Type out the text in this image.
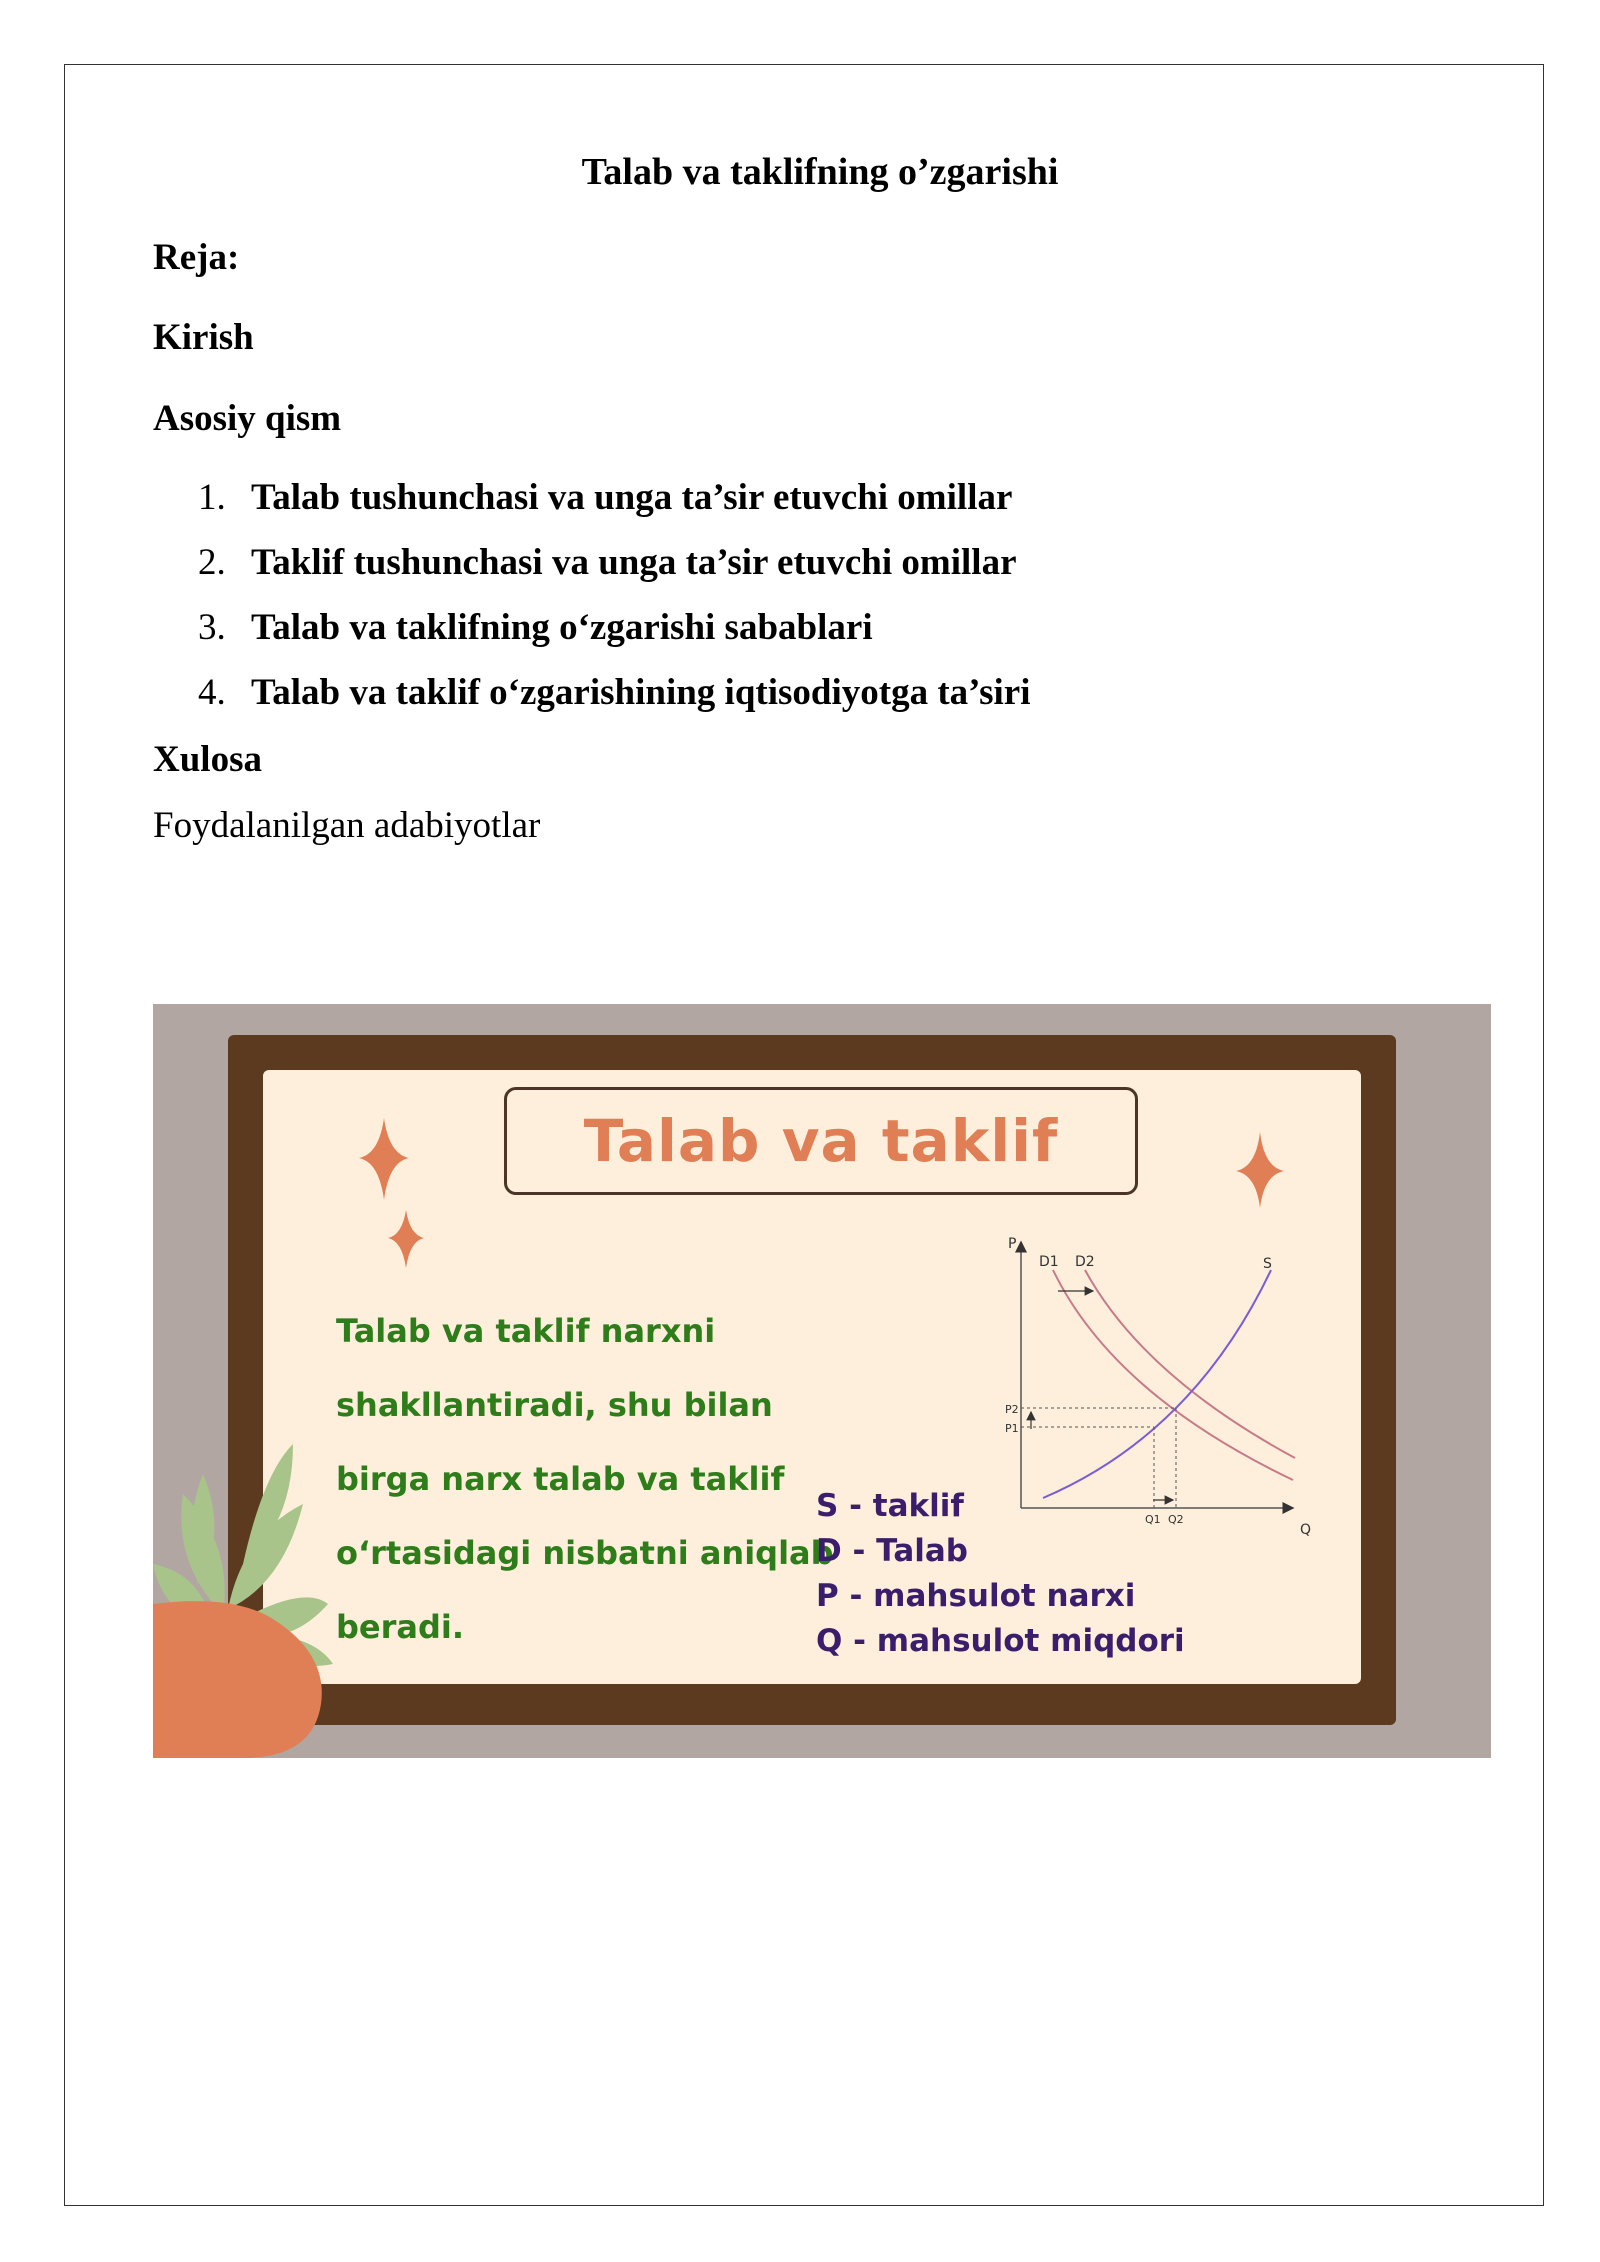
Talab va taklifning o’zgarishi
Reja:
Kirish
Asosiy qism
1. Talab tushunchasi va unga ta’sir etuvchi omillar
2. Taklif tushunchasi va unga ta’sir etuvchi omillar
3. Talab va taklifning o‘zgarishi sabablari
4. Talab va taklif o‘zgarishining iqtisodiyotga ta’siri
Xulosa
Foydalanilgan adabiyotlar
Talab va taklif
Talab va taklif narxni
shakllantiradi, shu bilan
birga narx talab va taklif
o‘rtasidagi nisbatni aniqlab
beradi.
S - taklif
D - Talab
P - mahsulot narxi
Q - mahsulot miqdori
P
Q
D1 D2	S
P2
P1
Q1 Q2
